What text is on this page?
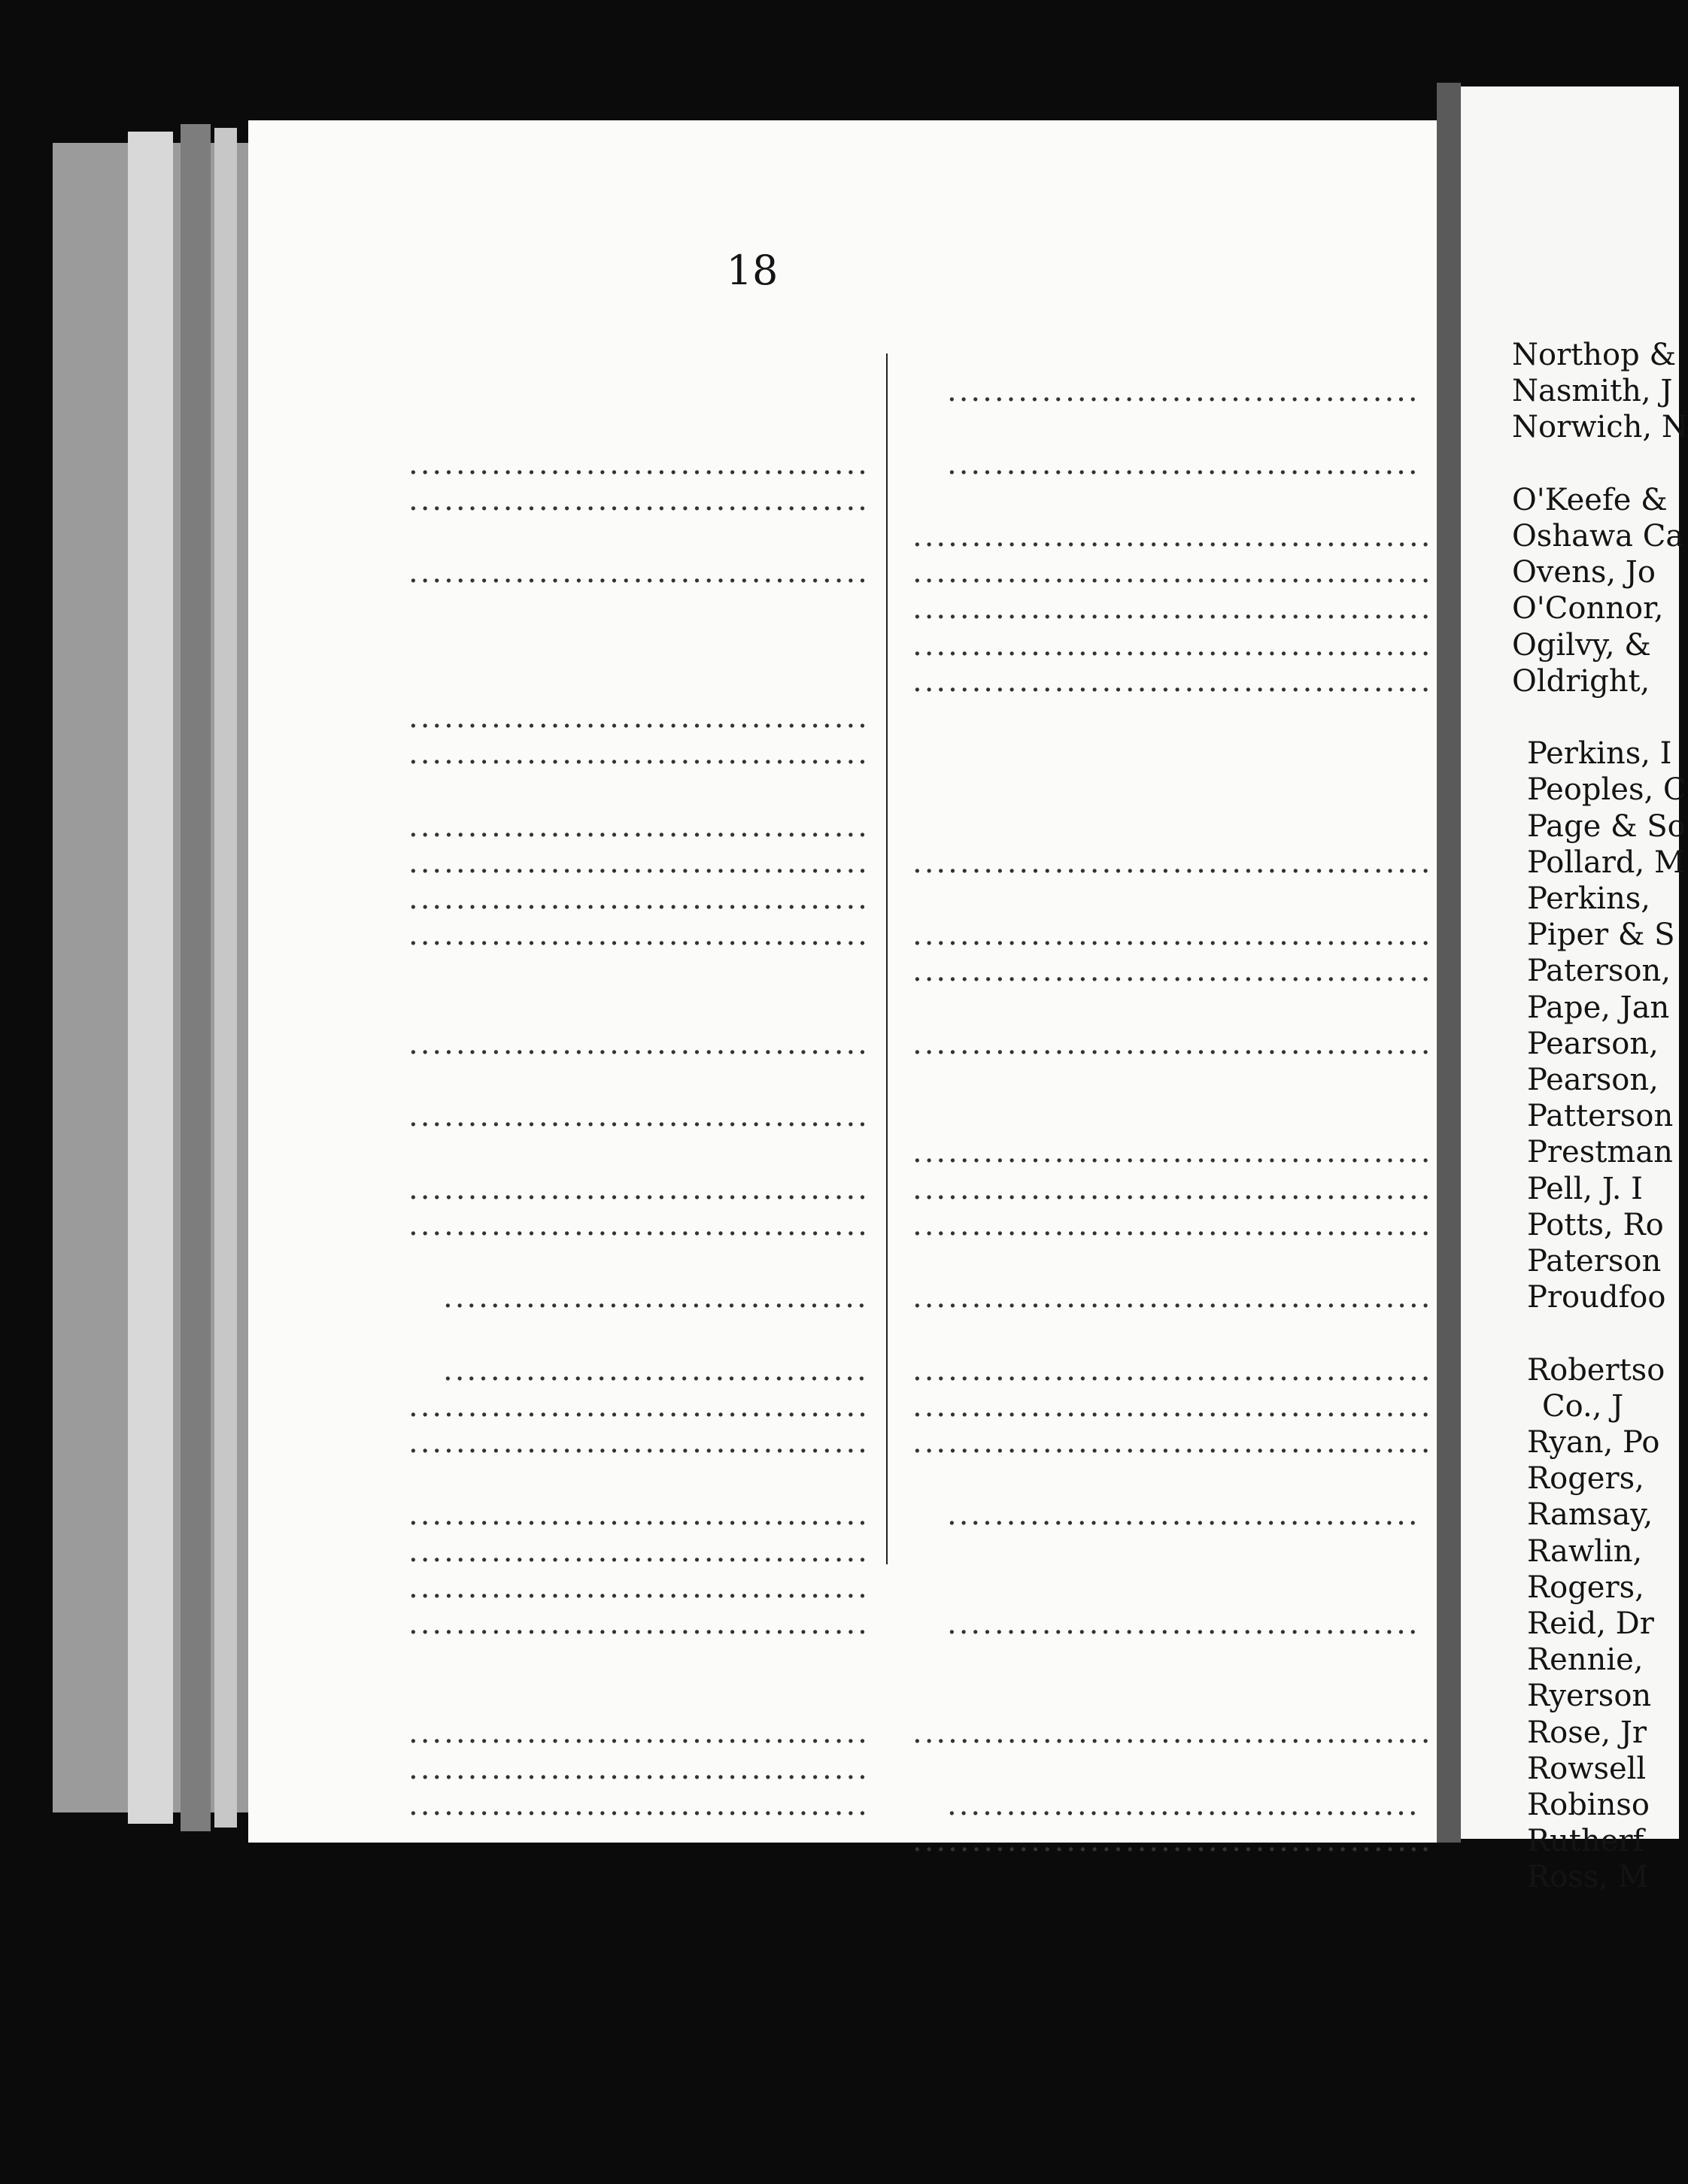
18
.......................................
.......................................
.......................................
.......................................
.......................................
.......................................
.......................................
.......................................
.......................................
.......................................
.......................................
.......................................
.......................................
....................................
....................................
.......................................
.......................................
.......................................
.......................................
.......................................
.......................................
.......................................
.......................................
.......................................
........................................
........................................
............................................
............................................
............................................
............................................
............................................
............................................
............................................
............................................
............................................
............................................
............................................
............................................
............................................
............................................
............................................
............................................
........................................
........................................
............................................
........................................
............................................
Northop &
Nasmith, J
Norwich, N
O'Keefe &
Oshawa Ca
Ovens, Jo
O'Connor,
Ogilvy, &
Oldright,
Perkins, I
Peoples, C
Page & So
Pollard, M
Perkins,
Piper & S
Paterson,
Pape, Jan
Pearson,
Pearson,
Patterson
Prestman
Pell, J. I
Potts, Ro
Paterson
Proudfoo
Robertso
Co., J
Ryan, Po
Rogers,
Ramsay,
Rawlin,
Rogers,
Reid, Dr
Rennie,
Ryerson
Rose, Jr
Rowsell
Robinso
Rutherf
Ross, M
